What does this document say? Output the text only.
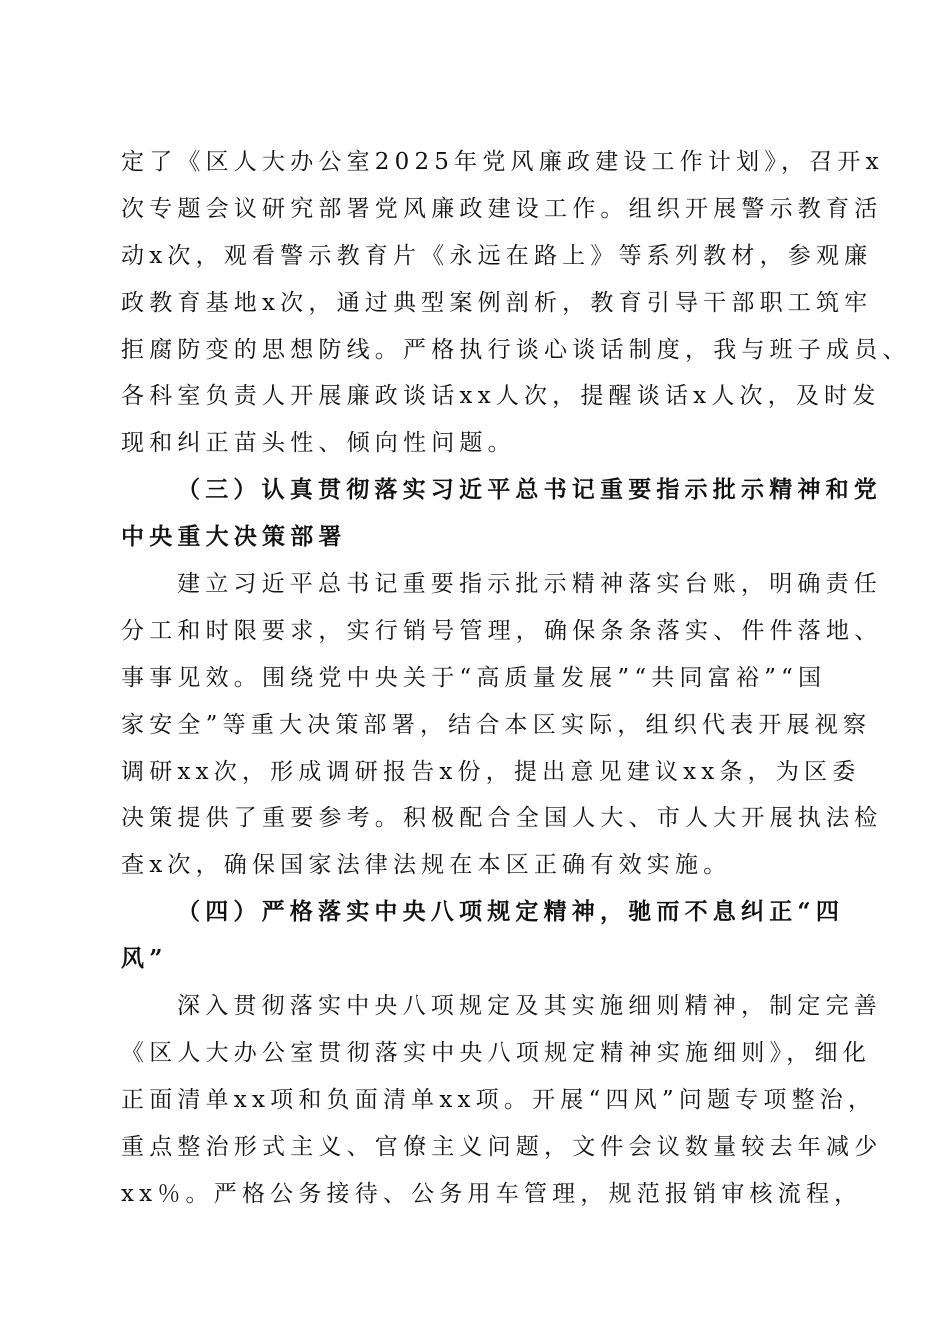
定了《区人大办公室2025年党风廉政建设工作计划》，召开x
次专题会议研究部署党风廉政建设工作。组织开展警示教育活
动x次，观看警示教育片《永远在路上》等系列教材，参观廉
政教育基地x次，通过典型案例剖析，教育引导干部职工筑牢
拒腐防变的思想防线。严格执行谈心谈话制度，我与班子成员、
各科室负责人开展廉政谈话xx人次，提醒谈话x人次，及时发
现和纠正苗头性、倾向性问题。
（三）认真贯彻落实习近平总书记重要指示批示精神和党
中央重大决策部署
建立习近平总书记重要指示批示精神落实台账，明确责任
分工和时限要求，实行销号管理，确保条条落实、件件落地、
事事见效。围绕党中央关于“高质量发展”“共同富裕”“国
家安全”等重大决策部署，结合本区实际，组织代表开展视察
调研xx次，形成调研报告x份，提出意见建议xx条，为区委
决策提供了重要参考。积极配合全国人大、市人大开展执法检
查x次，确保国家法律法规在本区正确有效实施。
（四）严格落实中央八项规定精神，驰而不息纠正“四
风”
深入贯彻落实中央八项规定及其实施细则精神，制定完善
《区人大办公室贯彻落实中央八项规定精神实施细则》，细化
正面清单xx项和负面清单xx项。开展“四风”问题专项整治，
重点整治形式主义、官僚主义问题，文件会议数量较去年减少
xx％。严格公务接待、公务用车管理，规范报销审核流程，
